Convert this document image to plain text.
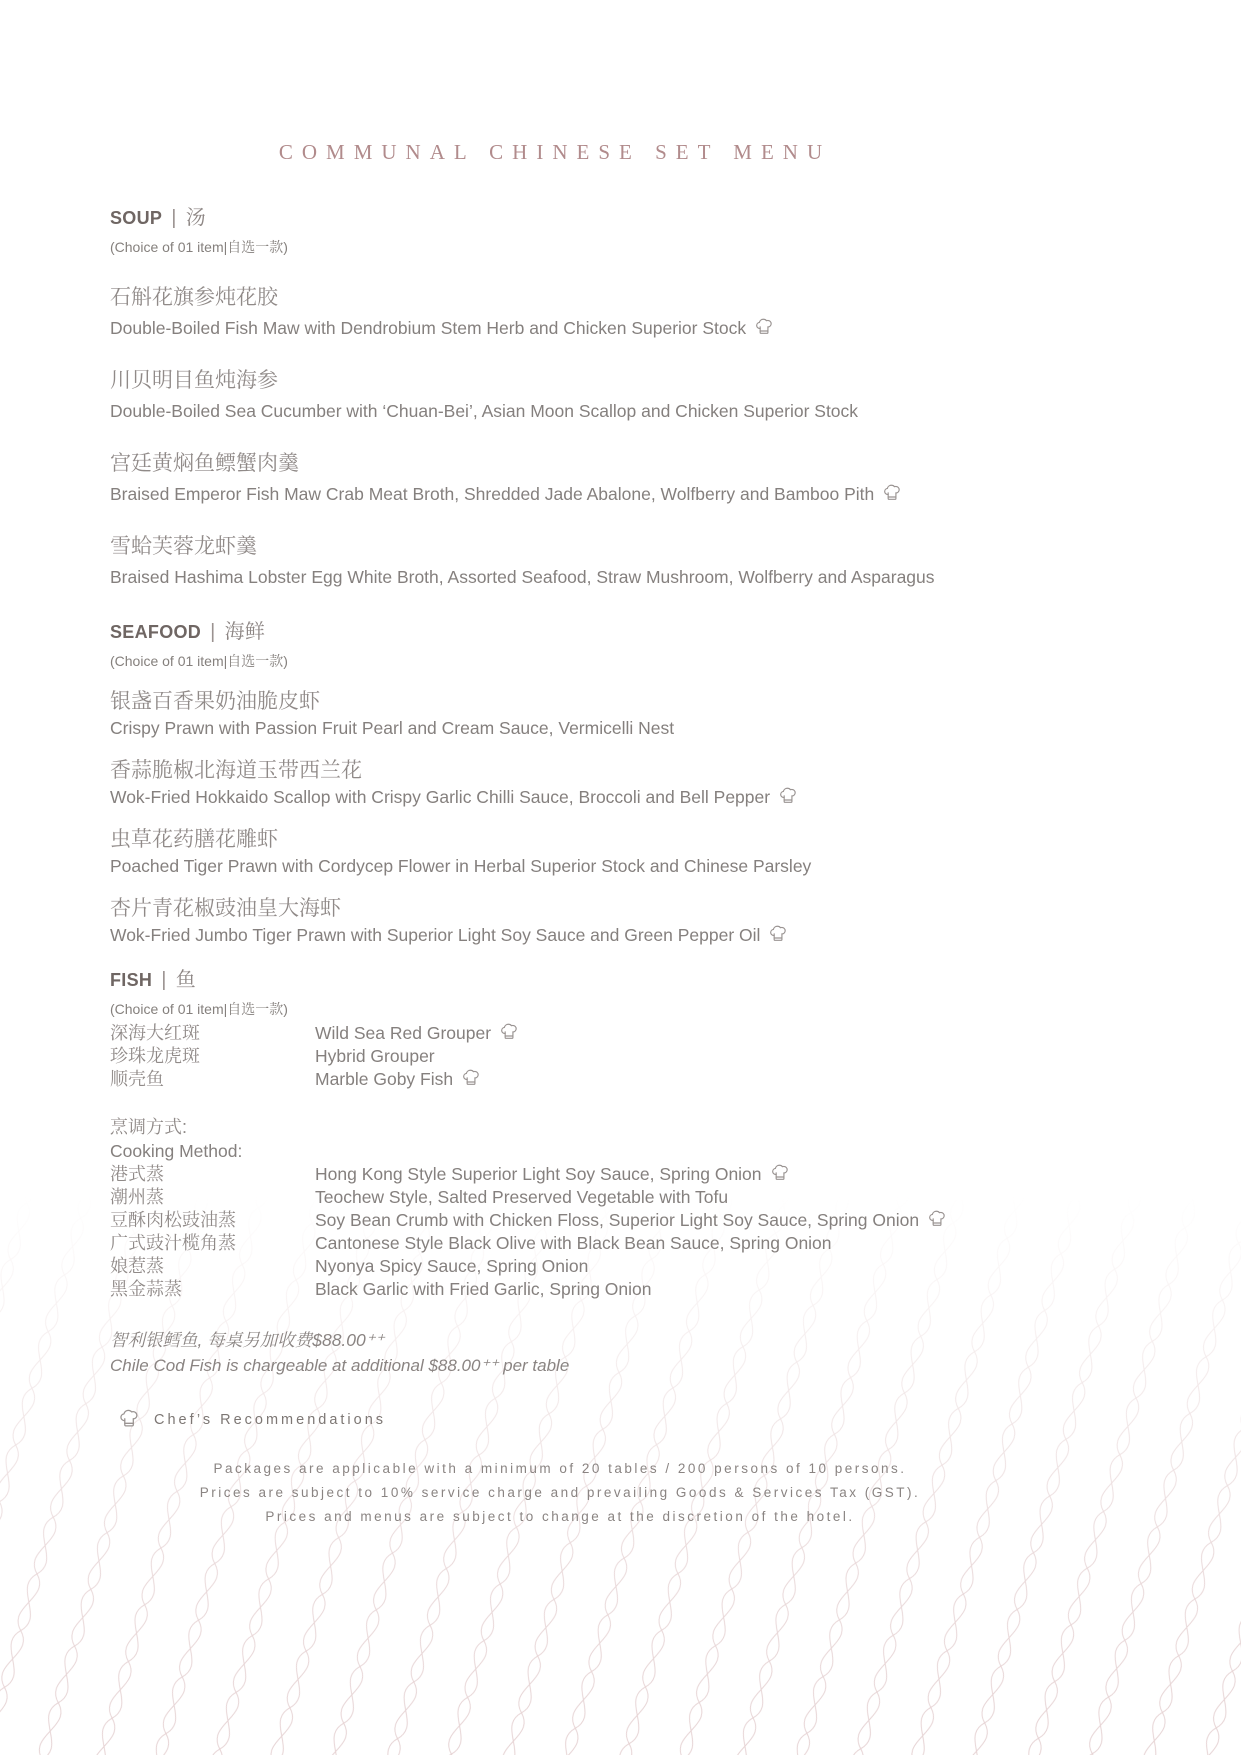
COMMUNAL CHINESE SET MENU
SOUP | 汤
(Choice of 01 item|自选一款)
石斛花旗参炖花胶
Double-Boiled Fish Maw with Dendrobium Stem Herb and Chicken Superior Stock
川贝明目鱼炖海参
Double-Boiled Sea Cucumber with ‘Chuan-Bei’, Asian Moon Scallop and Chicken Superior Stock
宫廷黄焖鱼鳔蟹肉羹
Braised Emperor Fish Maw Crab Meat Broth, Shredded Jade Abalone, Wolfberry and Bamboo Pith
雪蛤芙蓉龙虾羹
Braised Hashima Lobster Egg White Broth, Assorted Seafood, Straw Mushroom, Wolfberry and Asparagus
SEAFOOD | 海鲜
(Choice of 01 item|自选一款)
银盏百香果奶油脆皮虾
Crispy Prawn with Passion Fruit Pearl and Cream Sauce, Vermicelli Nest
香蒜脆椒北海道玉带西兰花
Wok-Fried Hokkaido Scallop with Crispy Garlic Chilli Sauce, Broccoli and Bell Pepper
虫草花药膳花雕虾
Poached Tiger Prawn with Cordycep Flower in Herbal Superior Stock and Chinese Parsley
杏片青花椒豉油皇大海虾
Wok-Fried Jumbo Tiger Prawn with Superior Light Soy Sauce and Green Pepper Oil
FISH | 鱼
(Choice of 01 item|自选一款)
深海大红斑	Wild Sea Red Grouper
珍珠龙虎斑	Hybrid Grouper
顺壳鱼	Marble Goby Fish
烹调方式:
Cooking Method:
港式蒸	Hong Kong Style Superior Light Soy Sauce, Spring Onion
潮州蒸	Teochew Style, Salted Preserved Vegetable with Tofu
豆酥肉松豉油蒸	Soy Bean Crumb with Chicken Floss, Superior Light Soy Sauce, Spring Onion
广式豉汁榄角蒸	Cantonese Style Black Olive with Black Bean Sauce, Spring Onion
娘惹蒸	Nyonya Spicy Sauce, Spring Onion
黑金蒜蒸	Black Garlic with Fried Garlic, Spring Onion
智利银鳕鱼, 每桌另加收费$88.00⁺⁺
Chile Cod Fish is chargeable at additional $88.00⁺⁺ per table
Chef’s Recommendations
Packages are applicable with a minimum of 20 tables / 200 persons of 10 persons.
Prices are subject to 10% service charge and prevailing Goods & Services Tax (GST).
Prices and menus are subject to change at the discretion of the hotel.
